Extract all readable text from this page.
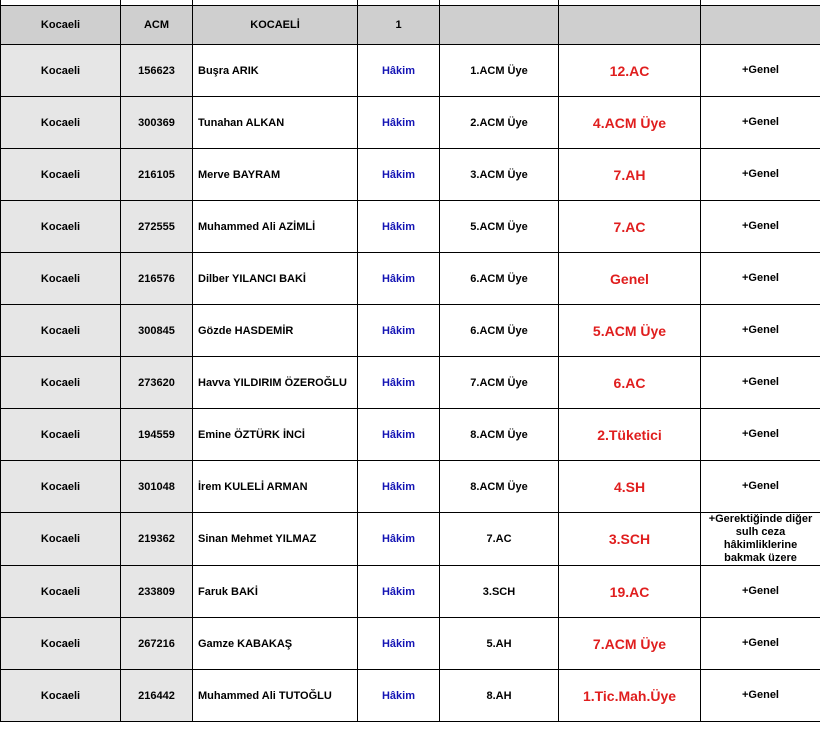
Kocaeli	ACM	KOCAELİ	1			
Kocaeli	156623	Buşra ARIK	Hâkim	1.ACM Üye	12.AC	+Genel
Kocaeli	300369	Tunahan ALKAN	Hâkim	2.ACM Üye	4.ACM Üye	+Genel
Kocaeli	216105	Merve BAYRAM	Hâkim	3.ACM Üye	7.AH	+Genel
Kocaeli	272555	Muhammed Ali AZİMLİ	Hâkim	5.ACM Üye	7.AC	+Genel
Kocaeli	216576	Dilber YILANCI BAKİ	Hâkim	6.ACM Üye	Genel	+Genel
Kocaeli	300845	Gözde HASDEMİR	Hâkim	6.ACM Üye	5.ACM Üye	+Genel
Kocaeli	273620	Havva YILDIRIM ÖZEROĞLU	Hâkim	7.ACM Üye	6.AC	+Genel
Kocaeli	194559	Emine ÖZTÜRK İNCİ	Hâkim	8.ACM Üye	2.Tüketici	+Genel
Kocaeli	301048	İrem KULELİ ARMAN	Hâkim	8.ACM Üye	4.SH	+Genel
Kocaeli	219362	Sinan Mehmet YILMAZ	Hâkim	7.AC	3.SCH	+Gerektiğinde diğer sulh ceza hâkimliklerine bakmak üzere
Kocaeli	233809	Faruk BAKİ	Hâkim	3.SCH	19.AC	+Genel
Kocaeli	267216	Gamze KABAKAŞ	Hâkim	5.AH	7.ACM Üye	+Genel
Kocaeli	216442	Muhammed Ali TUTOĞLU	Hâkim	8.AH	1.Tic.Mah.Üye	+Genel
